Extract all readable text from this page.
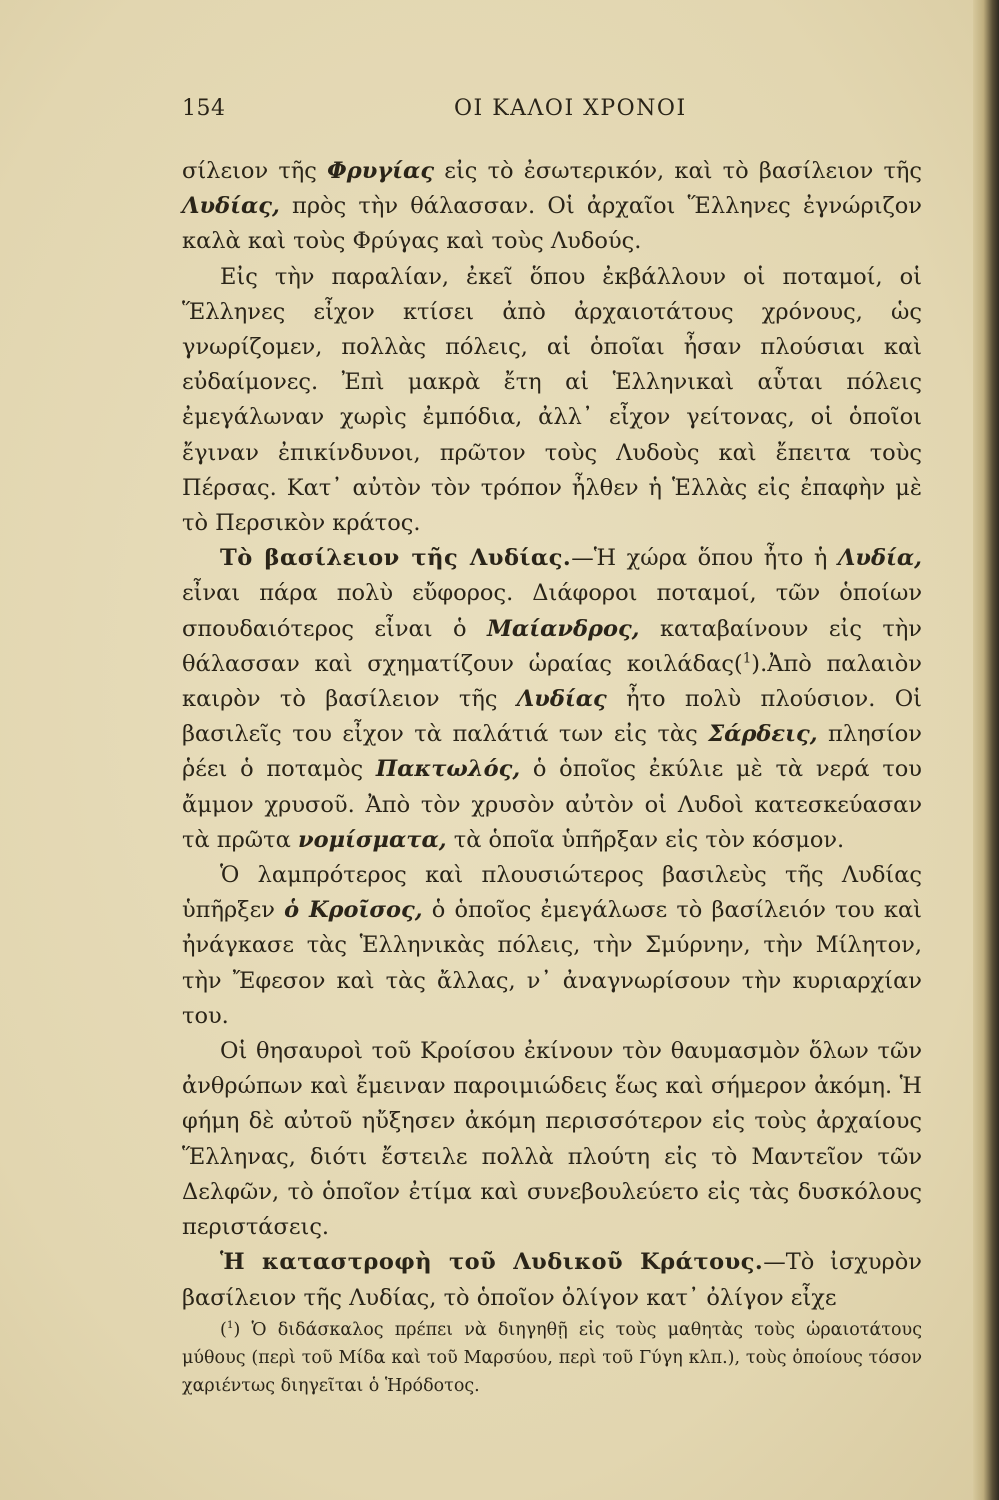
154	ΟΙ ΚΑΛΟΙ ΧΡΟΝΟΙ

σίλειον τῆς Φρυγίας εἰς τὸ ἐσωτερικόν, καὶ τὸ βασίλειον τῆς Λυδίας, πρὸς τὴν θάλασσαν. Οἱ ἀρχαῖοι Ἕλληνες ἐγνώριζον καλὰ καὶ τοὺς Φρύγας καὶ τοὺς Λυδούς.

Εἰς τὴν παραλίαν, ἐκεῖ ὅπου ἐκβάλλουν οἱ ποταμοί, οἱ Ἕλληνες εἶχον κτίσει ἀπὸ ἀρχαιοτάτους χρόνους, ὡς γνωρίζομεν, πολλὰς πόλεις, αἱ ὁποῖαι ἦσαν πλούσιαι καὶ εὐδαίμονες. Ἐπὶ μακρὰ ἔτη αἱ Ἑλληνικαὶ αὗται πόλεις ἐμεγάλωναν χωρὶς ἐμπόδια, ἀλλ᾽ εἶχον γείτονας, οἱ ὁποῖοι ἔγιναν ἐπικίνδυνοι, πρῶτον τοὺς Λυδοὺς καὶ ἔπειτα τοὺς Πέρσας. Κατ᾽ αὐτὸν τὸν τρόπον ἦλθεν ἡ Ἑλλὰς εἰς ἐπαφὴν μὲ τὸ Περσικὸν κράτος.

Τὸ βασίλειον τῆς Λυδίας.—Ἡ χώρα ὅπου ἦτο ἡ Λυδία, εἶναι πάρα πολὺ εὔφορος. Διάφοροι ποταμοί, τῶν ὁποίων σπουδαιότερος εἶναι ὁ Μαίανδρος, καταβαίνουν εἰς τὴν θάλασσαν καὶ σχηματίζουν ὡραίας κοιλάδας($^1$).Ἀπὸ παλαιὸν καιρὸν τὸ βασίλειον τῆς Λυδίας ἦτο πολὺ πλούσιον. Οἱ βασιλεῖς του εἶχον τὰ παλάτιά των εἰς τὰς Σάρδεις, πλησίον ῥέει ὁ ποταμὸς Πακτωλός, ὁ ὁποῖος ἐκύλιε μὲ τὰ νερά του ἄμμον χρυσοῦ. Ἀπὸ τὸν χρυσὸν αὐτὸν οἱ Λυδοὶ κατεσκεύασαν τὰ πρῶτα νομίσματα, τὰ ὁποῖα ὑπῆρξαν εἰς τὸν κόσμον.

Ὁ λαμπρότερος καὶ πλουσιώτερος βασιλεὺς τῆς Λυδίας ὑπῆρξεν ὁ Κροῖσος, ὁ ὁποῖος ἐμεγάλωσε τὸ βασίλειόν του καὶ ἠνάγκασε τὰς Ἑλληνικὰς πόλεις, τὴν Σμύρνην, τὴν Μίλητον, τὴν Ἔφεσον καὶ τὰς ἄλλας, ν᾽ ἀναγνωρίσουν τὴν κυριαρχίαν του.

Οἱ θησαυροὶ τοῦ Κροίσου ἐκίνουν τὸν θαυμασμὸν ὅλων τῶν ἀνθρώπων καὶ ἔμειναν παροιμιώδεις ἕως καὶ σήμερον ἀκόμη. Ἡ φήμη δὲ αὐτοῦ ηὔξησεν ἀκόμη περισσότερον εἰς τοὺς ἀρχαίους Ἕλληνας, διότι ἔστειλε πολλὰ πλούτη εἰς τὸ Μαντεῖον τῶν Δελφῶν, τὸ ὁποῖον ἐτίμα καὶ συνεβουλεύετο εἰς τὰς δυσκόλους περιστάσεις.

Ἡ καταστροφὴ τοῦ Λυδικοῦ Κράτους.—Τὸ ἰσχυρὸν βασίλειον τῆς Λυδίας, τὸ ὁποῖον ὀλίγον κατ᾽ ὀλίγον εἶχε

($^1$) Ὁ διδάσκαλος πρέπει νὰ διηγηθῇ εἰς τοὺς μαθητὰς τοὺς ὡραιοτάτους μύθους (περὶ τοῦ Μίδα καὶ τοῦ Μαρσύου, περὶ τοῦ Γύγη κλπ.), τοὺς ὁποίους τόσον χαριέντως διηγεῖται ὁ Ἡρόδοτος.
